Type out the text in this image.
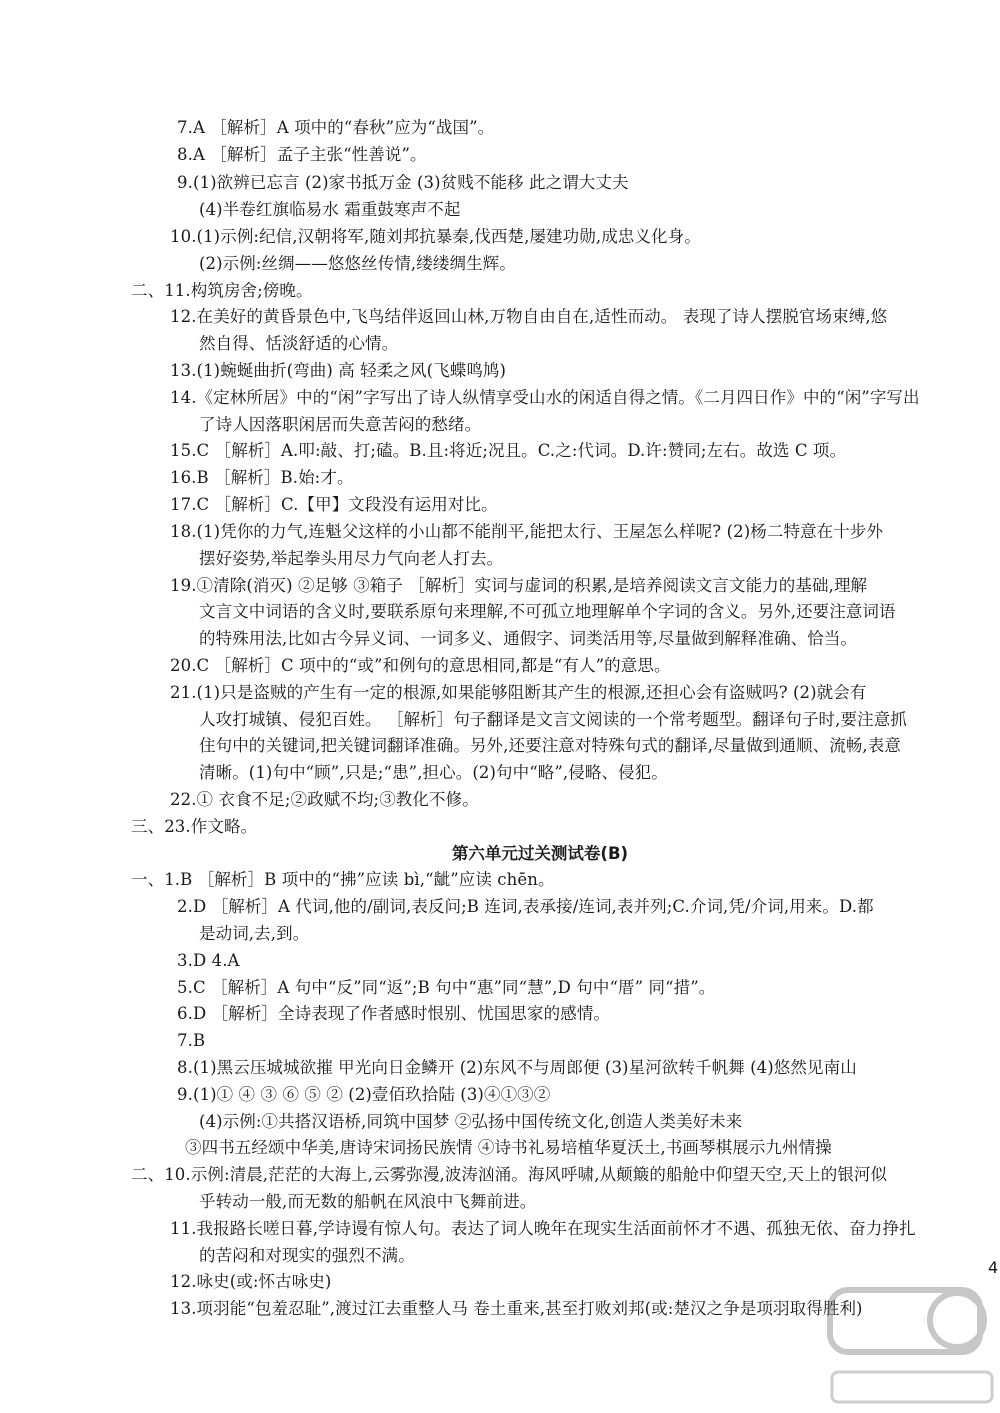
7.A ［解析］A 项中的“春秋”应为“战国”。
8.A ［解析］孟子主张“性善说”。
9.(1)欲辨已忘言 (2)家书抵万金 (3)贫贱不能移 此之谓大丈夫
(4)半卷红旗临易水 霜重鼓寒声不起
10.(1)示例:纪信,汉朝将军,随刘邦抗暴秦,伐西楚,屡建功勋,成忠义化身。
(2)示例:丝绸——悠悠丝传情,缕缕绸生辉。
二、11.构筑房舍;傍晚。
12.在美好的黄昏景色中,飞鸟结伴返回山林,万物自由自在,适性而动。 表现了诗人摆脱官场束缚,悠
然自得、恬淡舒适的心情。
13.(1)蜿蜒曲折(弯曲) 高 轻柔之风(飞蝶鸣鸠)
14.《定林所居》中的“闲”字写出了诗人纵情享受山水的闲适自得之情。《二月四日作》中的“闲”字写出
了诗人因落职闲居而失意苦闷的愁绪。
15.C ［解析］A.叩:敲、打;磕。B.且:将近;况且。C.之:代词。D.许:赞同;左右。故选 C 项。
16.B ［解析］B.始:才。
17.C ［解析］C.【甲】文段没有运用对比。
18.(1)凭你的力气,连魁父这样的小山都不能削平,能把太行、王屋怎么样呢? (2)杨二特意在十步外
摆好姿势,举起拳头用尽力气向老人打去。
19.①清除(消灭) ②足够 ③箱子 ［解析］实词与虚词的积累,是培养阅读文言文能力的基础,理解
文言文中词语的含义时,要联系原句来理解,不可孤立地理解单个字词的含义。另外,还要注意词语
的特殊用法,比如古今异义词、一词多义、通假字、词类活用等,尽量做到解释准确、恰当。
20.C ［解析］C 项中的“或”和例句的意思相同,都是“有人”的意思。
21.(1)只是盗贼的产生有一定的根源,如果能够阻断其产生的根源,还担心会有盗贼吗? (2)就会有
人攻打城镇、侵犯百姓。 ［解析］句子翻译是文言文阅读的一个常考题型。翻译句子时,要注意抓
住句中的关键词,把关键词翻译准确。另外,还要注意对特殊句式的翻译,尽量做到通顺、流畅,表意
清晰。(1)句中“顾”,只是;“患”,担心。(2)句中“略”,侵略、侵犯。
22.① 衣食不足;②政赋不均;③教化不修。
三、23.作文略。
第六单元过关测试卷(B)
一、1.B ［解析］B 项中的“拂”应读 bì,“龇”应读 chēn。
2.D ［解析］A 代词,他的/副词,表反问;B 连词,表承接/连词,表并列;C.介词,凭/介词,用来。D.都
是动词,去,到。
3.D 4.A
5.C ［解析］A 句中“反”同“返”;B 句中“惠”同“慧”,D 句中“厝” 同“措”。
6.D ［解析］全诗表现了作者感时恨别、忧国思家的感情。
7.B
8.(1)黑云压城城欲摧 甲光向日金鳞开 (2)东风不与周郎便 (3)星河欲转千帆舞 (4)悠然见南山
9.(1)① ④ ③ ⑥ ⑤ ② (2)壹佰玖拾陆 (3)④①③②
(4)示例:①共搭汉语桥,同筑中国梦 ②弘扬中国传统文化,创造人类美好未来
③四书五经颂中华美,唐诗宋词扬民族情 ④诗书礼易培植华夏沃土,书画琴棋展示九州情操
二、10.示例:清晨,茫茫的大海上,云雾弥漫,波涛汹涌。海风呼啸,从颠簸的船舱中仰望天空,天上的银河似
乎转动一般,而无数的船帆在风浪中飞舞前进。
11.我报路长嗟日暮,学诗谩有惊人句。表达了词人晚年在现实生活面前怀才不遇、孤独无依、奋力挣扎
的苦闷和对现实的强烈不满。
12.咏史(或:怀古咏史)
13.项羽能“包羞忍耻”,渡过江去重整人马 卷土重来,甚至打败刘邦(或:楚汉之争是项羽取得胜利)
4
